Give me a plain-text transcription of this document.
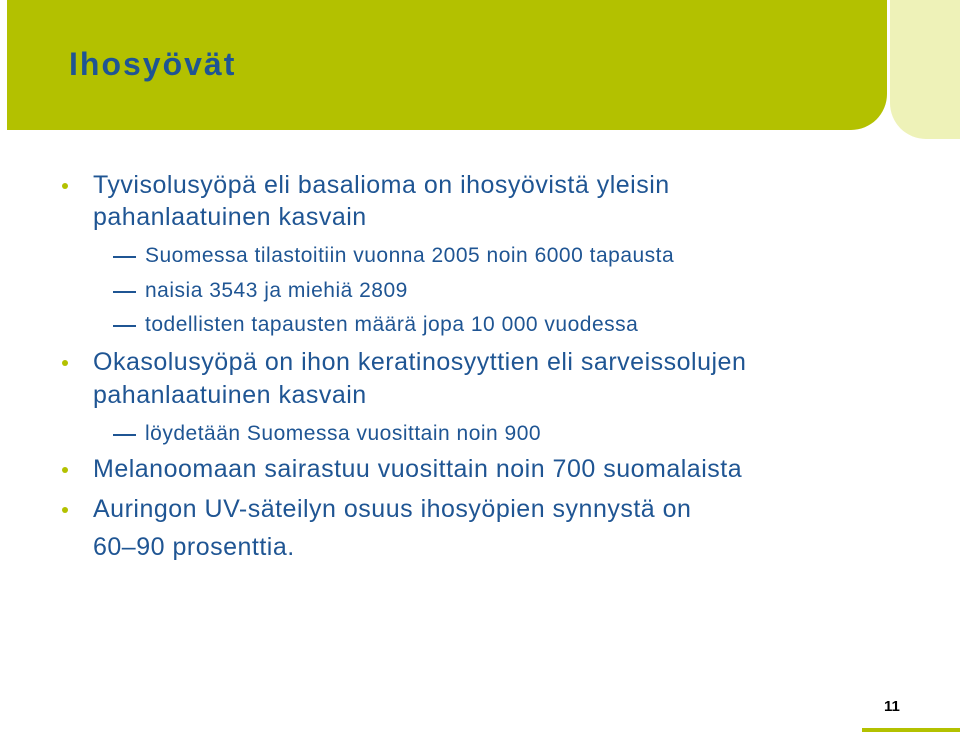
Ihosyövät
Tyvisolusyöpä eli basalioma on ihosyövistä yleisin
pahanlaatuinen kasvain
Suomessa tilastoitiin vuonna 2005 noin 6000 tapausta
naisia 3543 ja miehiä 2809
todellisten tapausten määrä jopa 10 000 vuodessa
Okasolusyöpä on ihon keratinosyyttien eli sarveissolujen
pahanlaatuinen kasvain
löydetään Suomessa vuosittain noin 900
Melanoomaan sairastuu vuosittain noin 700 suomalaista
Auringon UV-säteilyn osuus ihosyöpien synnystä on
60–90 prosenttia.
11
